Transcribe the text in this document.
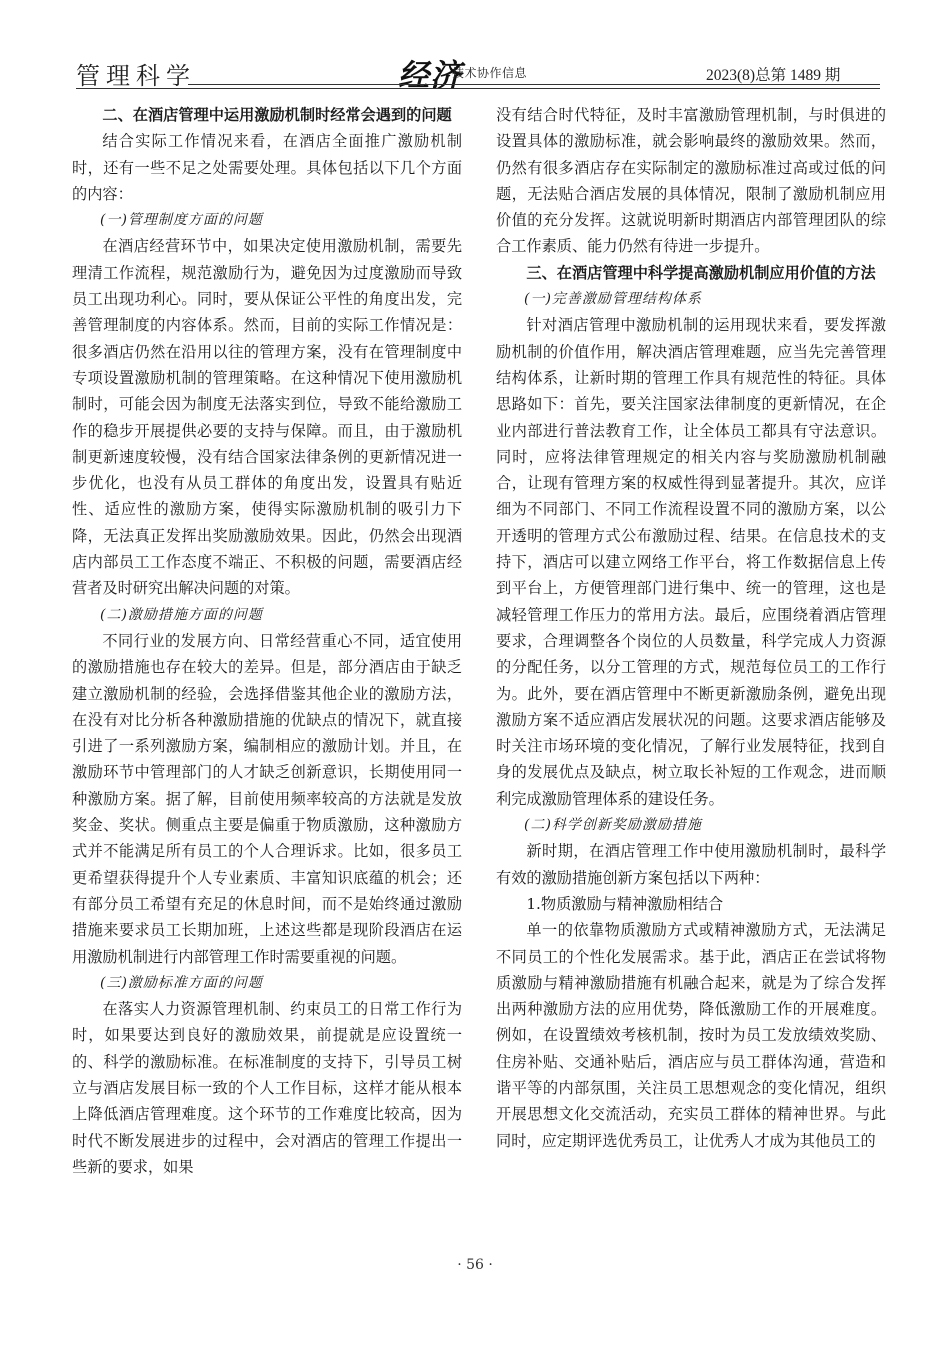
管理科学	经济
技术协作信息	2023(8)总第 1489 期
二、在酒店管理中运用激励机制时经常会遇到的问题

结合实际工作情况来看，在酒店全面推广激励机制时，还有一些不足之处需要处理。具体包括以下几个方面的内容：

(一)管理制度方面的问题

在酒店经营环节中，如果决定使用激励机制，需要先理清工作流程，规范激励行为，避免因为过度激励而导致员工出现功利心。同时，要从保证公平性的角度出发，完善管理制度的内容体系。然而，目前的实际工作情况是：很多酒店仍然在沿用以往的管理方案，没有在管理制度中专项设置激励机制的管理策略。在这种情况下使用激励机制时，可能会因为制度无法落实到位，导致不能给激励工作的稳步开展提供必要的支持与保障。而且，由于激励机制更新速度较慢，没有结合国家法律条例的更新情况进一步优化，也没有从员工群体的角度出发，设置具有贴近性、适应性的激励方案，使得实际激励机制的吸引力下降，无法真正发挥出奖励激励效果。因此，仍然会出现酒店内部员工工作态度不端正、不积极的问题，需要酒店经营者及时研究出解决问题的对策。

(二)激励措施方面的问题

不同行业的发展方向、日常经营重心不同，适宜使用的激励措施也存在较大的差异。但是，部分酒店由于缺乏建立激励机制的经验，会选择借鉴其他企业的激励方法，在没有对比分析各种激励措施的优缺点的情况下，就直接引进了一系列激励方案，编制相应的激励计划。并且，在激励环节中管理部门的人才缺乏创新意识，长期使用同一种激励方案。据了解，目前使用频率较高的方法就是发放奖金、奖状。侧重点主要是偏重于物质激励，这种激励方式并不能满足所有员工的个人合理诉求。比如，很多员工更希望获得提升个人专业素质、丰富知识底蕴的机会；还有部分员工希望有充足的休息时间，而不是始终通过激励措施来要求员工长期加班，上述这些都是现阶段酒店在运用激励机制进行内部管理工作时需要重视的问题。

(三)激励标准方面的问题

在落实人力资源管理机制、约束员工的日常工作行为时，如果要达到良好的激励效果，前提就是应设置统一的、科学的激励标准。在标准制度的支持下，引导员工树立与酒店发展目标一致的个人工作目标，这样才能从根本上降低酒店管理难度。这个环节的工作难度比较高，因为时代不断发展进步的过程中，会对酒店的管理工作提出一些新的要求，如果

没有结合时代特征，及时丰富激励管理机制，与时俱进的设置具体的激励标准，就会影响最终的激励效果。然而，仍然有很多酒店存在实际制定的激励标准过高或过低的问题，无法贴合酒店发展的具体情况，限制了激励机制应用价值的充分发挥。这就说明新时期酒店内部管理团队的综合工作素质、能力仍然有待进一步提升。

三、在酒店管理中科学提高激励机制应用价值的方法
(一)完善激励管理结构体系

针对酒店管理中激励机制的运用现状来看，要发挥激励机制的价值作用，解决酒店管理难题，应当先完善管理结构体系，让新时期的管理工作具有规范性的特征。具体思路如下：首先，要关注国家法律制度的更新情况，在企业内部进行普法教育工作，让全体员工都具有守法意识。同时，应将法律管理规定的相关内容与奖励激励机制融合，让现有管理方案的权威性得到显著提升。其次，应详细为不同部门、不同工作流程设置不同的激励方案，以公开透明的管理方式公布激励过程、结果。在信息技术的支持下，酒店可以建立网络工作平台，将工作数据信息上传到平台上，方便管理部门进行集中、统一的管理，这也是减轻管理工作压力的常用方法。最后，应围绕着酒店管理要求，合理调整各个岗位的人员数量，科学完成人力资源的分配任务，以分工管理的方式，规范每位员工的工作行为。此外，要在酒店管理中不断更新激励条例，避免出现激励方案不适应酒店发展状况的问题。这要求酒店能够及时关注市场环境的变化情况，了解行业发展特征，找到自身的发展优点及缺点，树立取长补短的工作观念，进而顺利完成激励管理体系的建设任务。

(二)科学创新奖励激励措施

新时期，在酒店管理工作中使用激励机制时，最科学有效的激励措施创新方案包括以下两种：

1.物质激励与精神激励相结合

单一的依靠物质激励方式或精神激励方式，无法满足不同员工的个性化发展需求。基于此，酒店正在尝试将物质激励与精神激励措施有机融合起来，就是为了综合发挥出两种激励方法的应用优势，降低激励工作的开展难度。例如，在设置绩效考核机制，按时为员工发放绩效奖励、住房补贴、交通补贴后，酒店应与员工群体沟通，营造和谐平等的内部氛围，关注员工思想观念的变化情况，组织开展思想文化交流活动，充实员工群体的精神世界。与此同时，应定期评选优秀员工，让优秀人才成为其他员工的

· 56 ·
